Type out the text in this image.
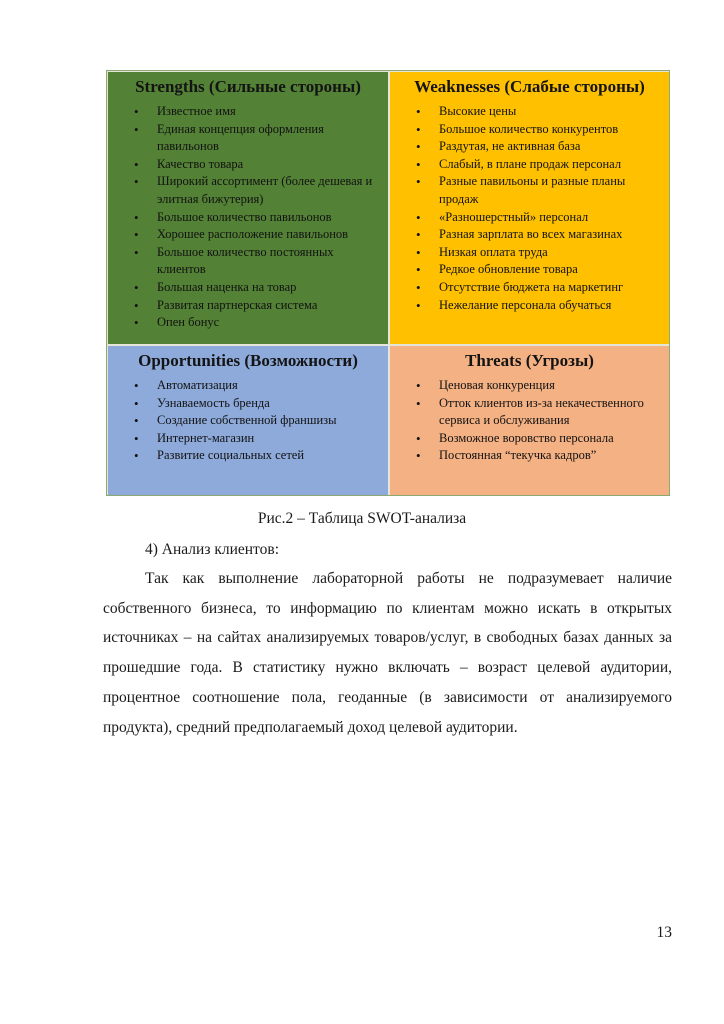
Strengths (Сильные стороны)
• Известное имя
• Единая концепция оформления павильонов
• Качество товара
• Широкий ассортимент (более дешевая и элитная бижутерия)
• Большое количество павильонов
• Хорошее расположение павильонов
• Большое количество постоянных клиентов
• Большая наценка на товар
• Развитая партнерская система
• Опен бонус
Weaknesses (Слабые стороны)
• Высокие цены
• Большое количество конкурентов
• Раздутая, не активная база
• Слабый, в плане продаж персонал
• Разные павильоны и разные планы продаж
• «Разношерстный» персонал
• Разная зарплата во всех магазинах
• Низкая оплата труда
• Редкое обновление товара
• Отсутствие бюджета на маркетинг
• Нежелание персонала обучаться
Opportunities (Возможности)
• Автоматизация
• Узнаваемость бренда
• Создание собственной франшизы
• Интернет-магазин
• Развитие социальных сетей
Threats (Угрозы)
• Ценовая конкуренция
• Отток клиентов из-за некачественного сервиса и обслуживания
• Возможное воровство персонала
• Постоянная “текучка кадров”
Рис.2 – Таблица SWOT-анализа
4) Анализ клиентов:

Так как выполнение лабораторной работы не подразумевает наличие собственного бизнеса, то информацию по клиентам можно искать в открытых источниках – на сайтах анализируемых товаров/услуг, в свободных базах данных за прошедшие года. В статистику нужно включать – возраст целевой аудитории, процентное соотношение пола, геоданные (в зависимости от анализируемого продукта), средний предполагаемый доход целевой аудитории.

13
